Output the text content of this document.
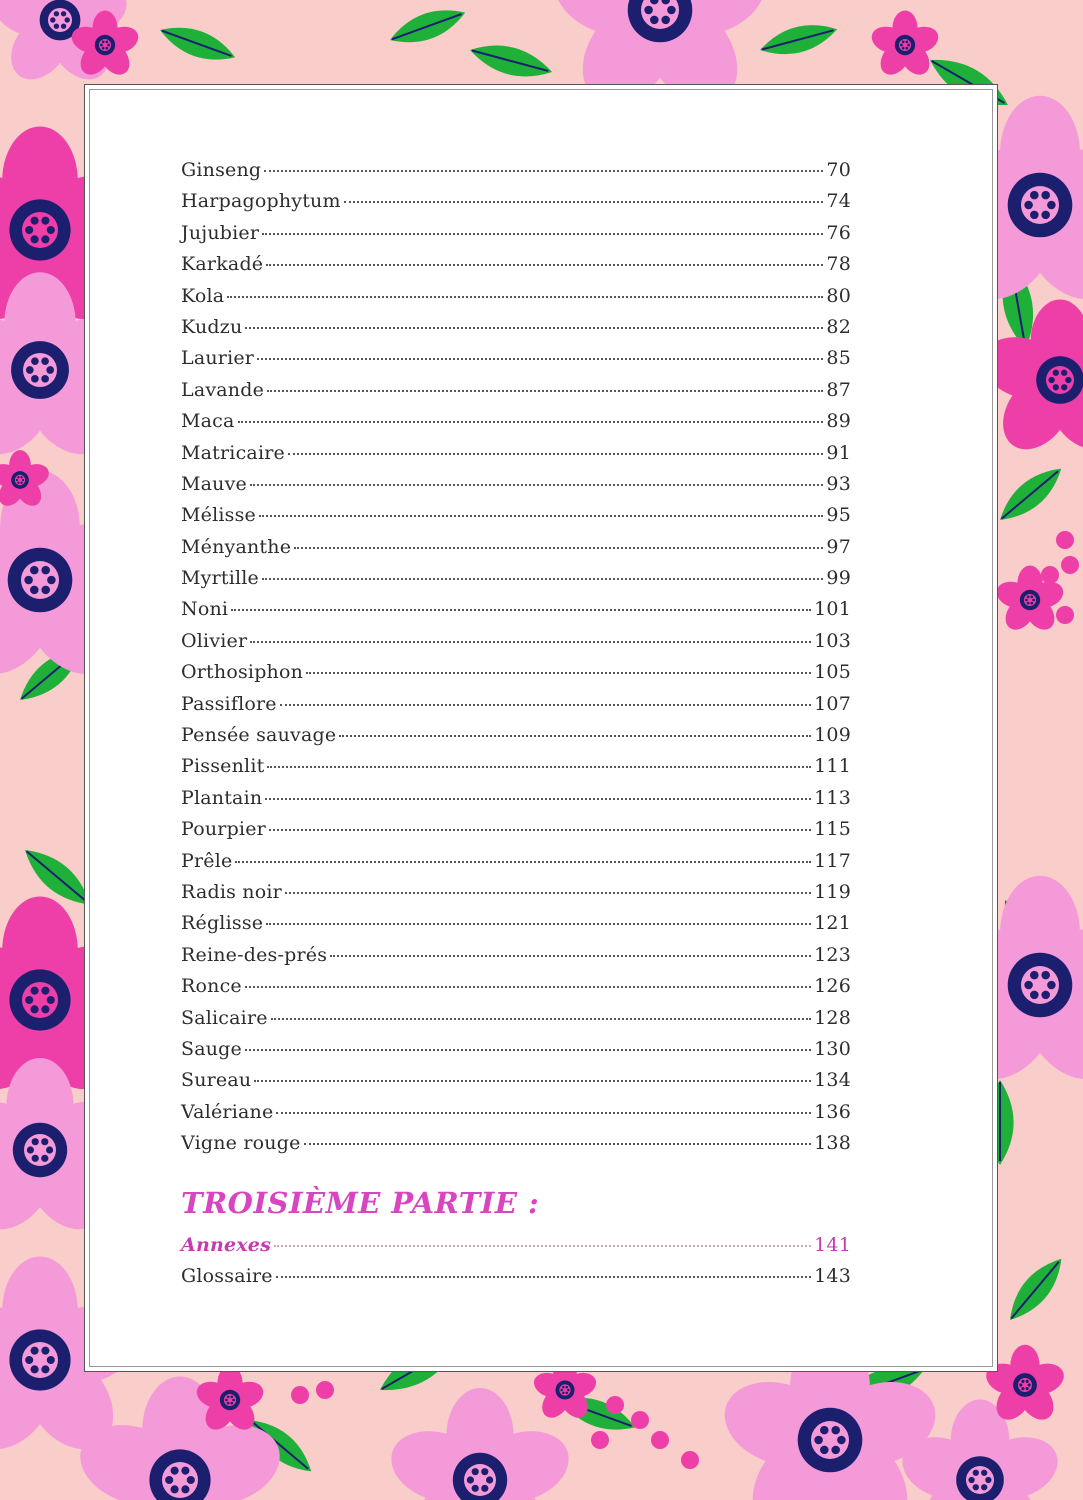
Ginseng	70
Harpagophytum	74
Jujubier	76
Karkadé	78
Kola	80
Kudzu	82
Laurier	85
Lavande	87
Maca	89
Matricaire	91
Mauve	93
Mélisse	95
Ményanthe	97
Myrtille	99
Noni	101
Olivier	103
Orthosiphon	105
Passiflore	107
Pensée sauvage	109
Pissenlit	111
Plantain	113
Pourpier	115
Prêle	117
Radis noir	119
Réglisse	121
Reine-des-prés	123
Ronce	126
Salicaire	128
Sauge	130
Sureau	134
Valériane	136
Vigne rouge	138
TROISIÈME PARTIE :
Annexes	141
Glossaire	143
